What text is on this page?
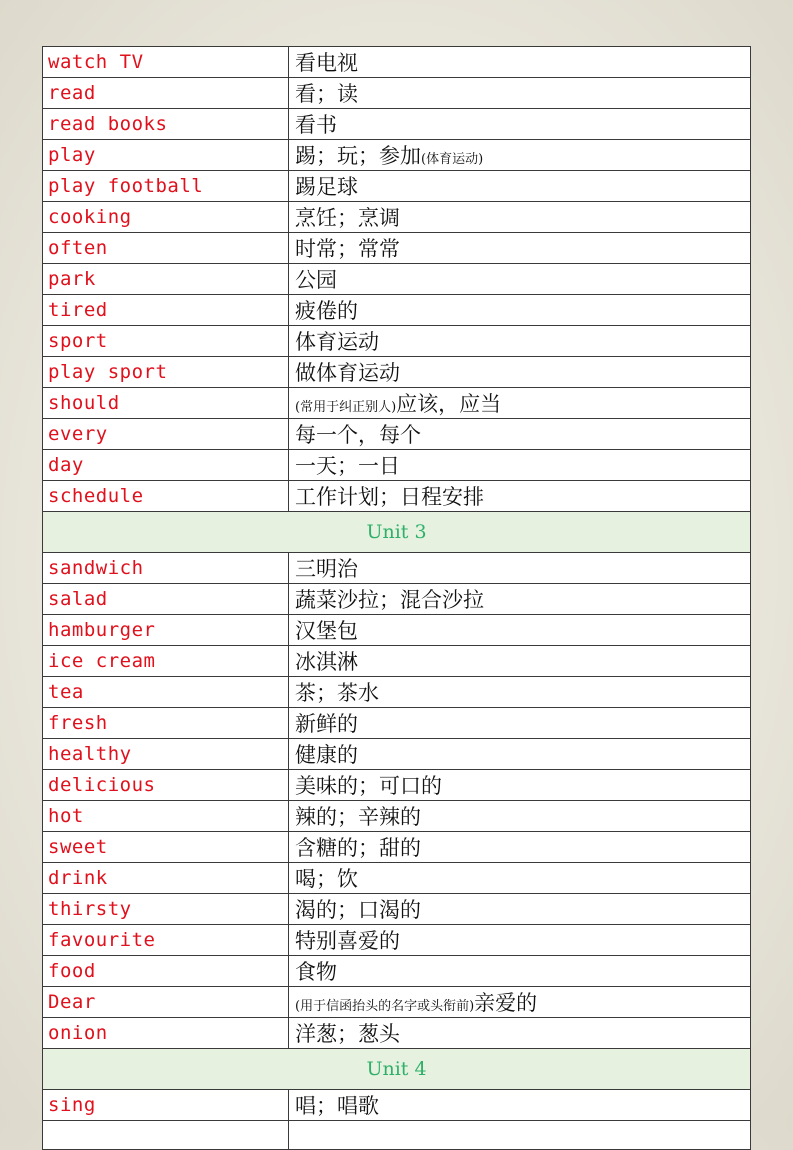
watch TV	看电视
read	看；读
read books	看书
play	踢；玩；参加(体育运动)
play football	踢足球
cooking	烹饪；烹调
often	时常；常常
park	公园
tired	疲倦的
sport	体育运动
play sport	做体育运动
should	(常用于纠正别人)应该，应当
every	每一个，每个
day	一天；一日
schedule	工作计划；日程安排
Unit 3	
sandwich	三明治
salad	蔬菜沙拉；混合沙拉
hamburger	汉堡包
ice cream	冰淇淋
tea	茶；茶水
fresh	新鲜的
healthy	健康的
delicious	美味的；可口的
hot	辣的；辛辣的
sweet	含糖的；甜的
drink	喝；饮
thirsty	渴的；口渴的
favourite	特别喜爱的
food	食物
Dear	(用于信函抬头的名字或头衔前)亲爱的
onion	洋葱；葱头
Unit 4	
sing	唱；唱歌
